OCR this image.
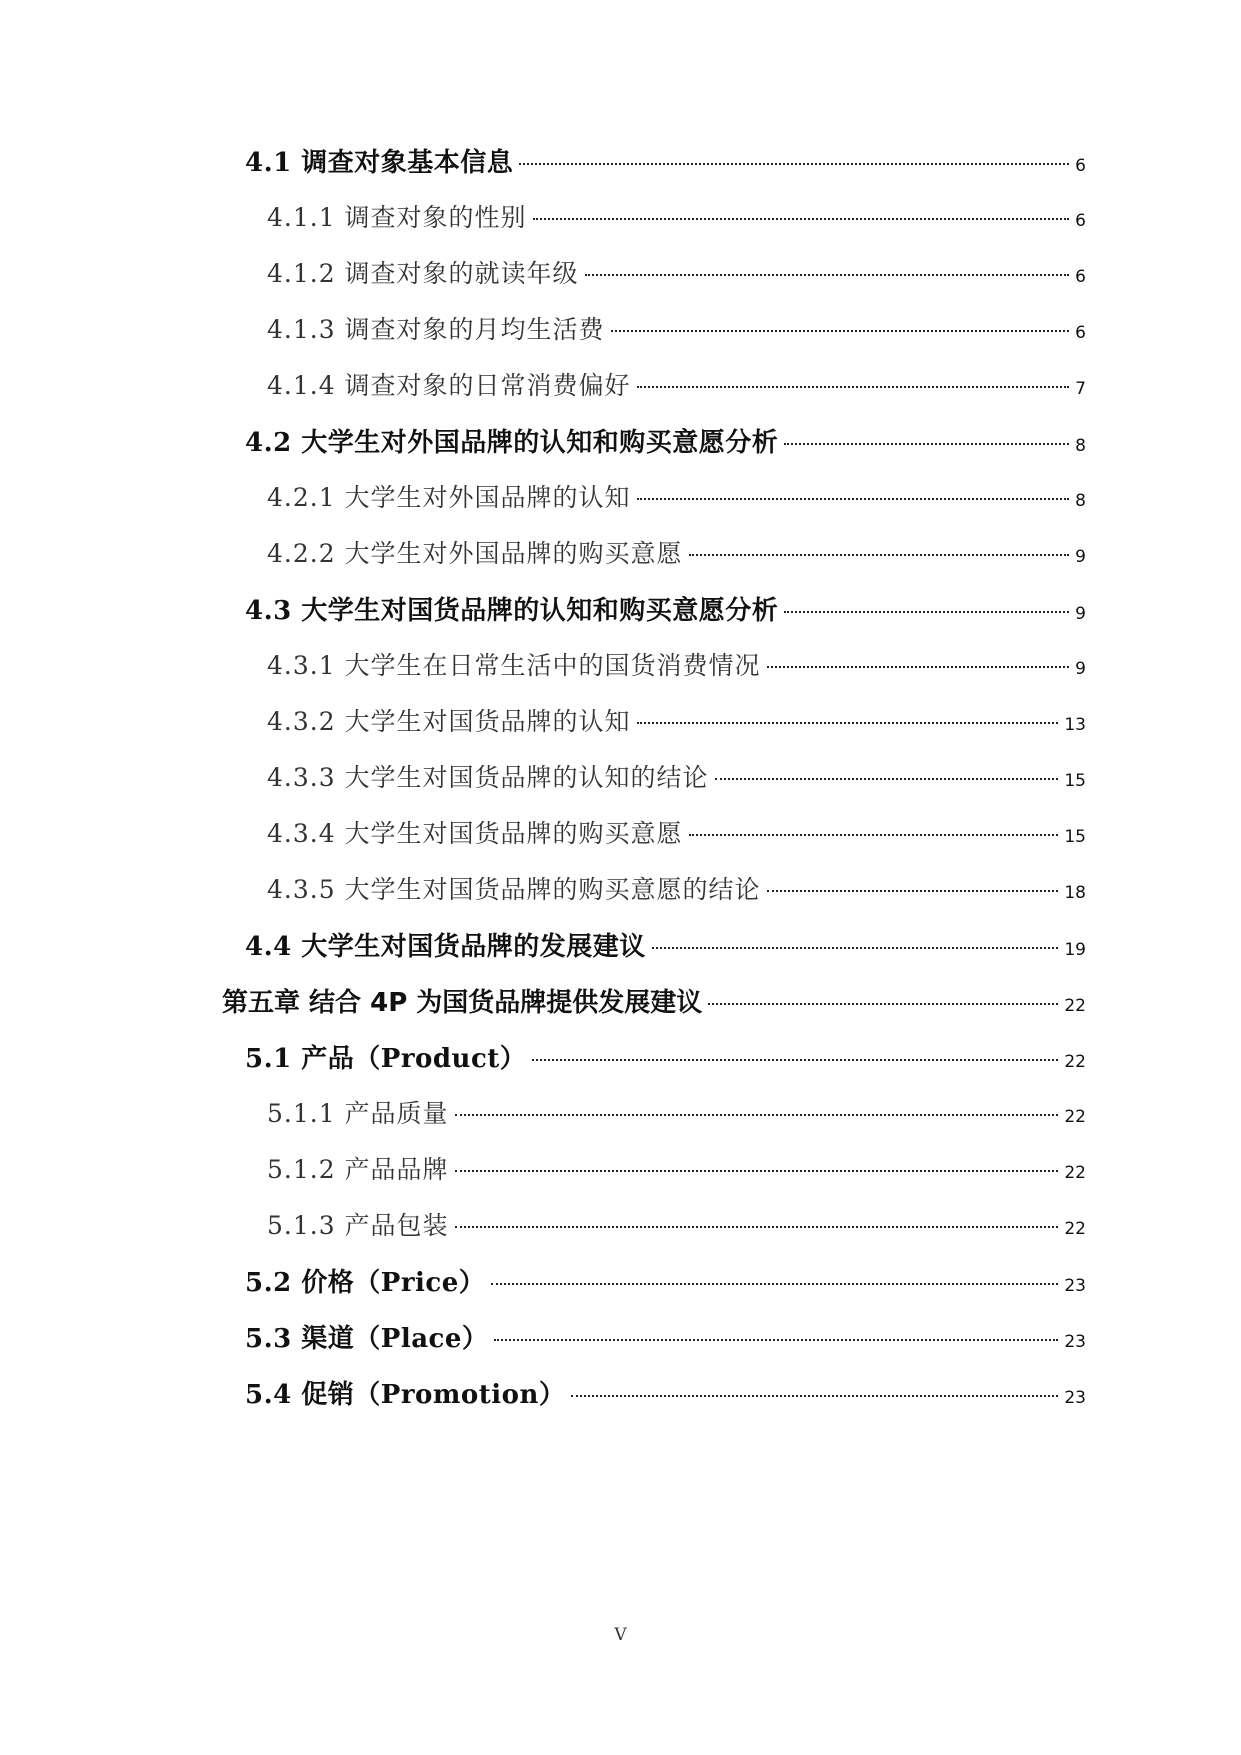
4.1 调查对象基本信息	6
4.1.1 调查对象的性别	6
4.1.2 调查对象的就读年级	6
4.1.3 调查对象的月均生活费	6
4.1.4 调查对象的日常消费偏好	7
4.2 大学生对外国品牌的认知和购买意愿分析	8
4.2.1 大学生对外国品牌的认知	8
4.2.2 大学生对外国品牌的购买意愿	9
4.3 大学生对国货品牌的认知和购买意愿分析	9
4.3.1 大学生在日常生活中的国货消费情况	9
4.3.2 大学生对国货品牌的认知	13
4.3.3 大学生对国货品牌的认知的结论	15
4.3.4 大学生对国货品牌的购买意愿	15
4.3.5 大学生对国货品牌的购买意愿的结论	18
4.4 大学生对国货品牌的发展建议	19
第五章 结合 4P 为国货品牌提供发展建议	22
5.1 产品（Product）	22
5.1.1 产品质量	22
5.1.2 产品品牌	22
5.1.3 产品包装	22
5.2 价格（Price）	23
5.3 渠道（Place）	23
5.4 促销（Promotion）	23
V
